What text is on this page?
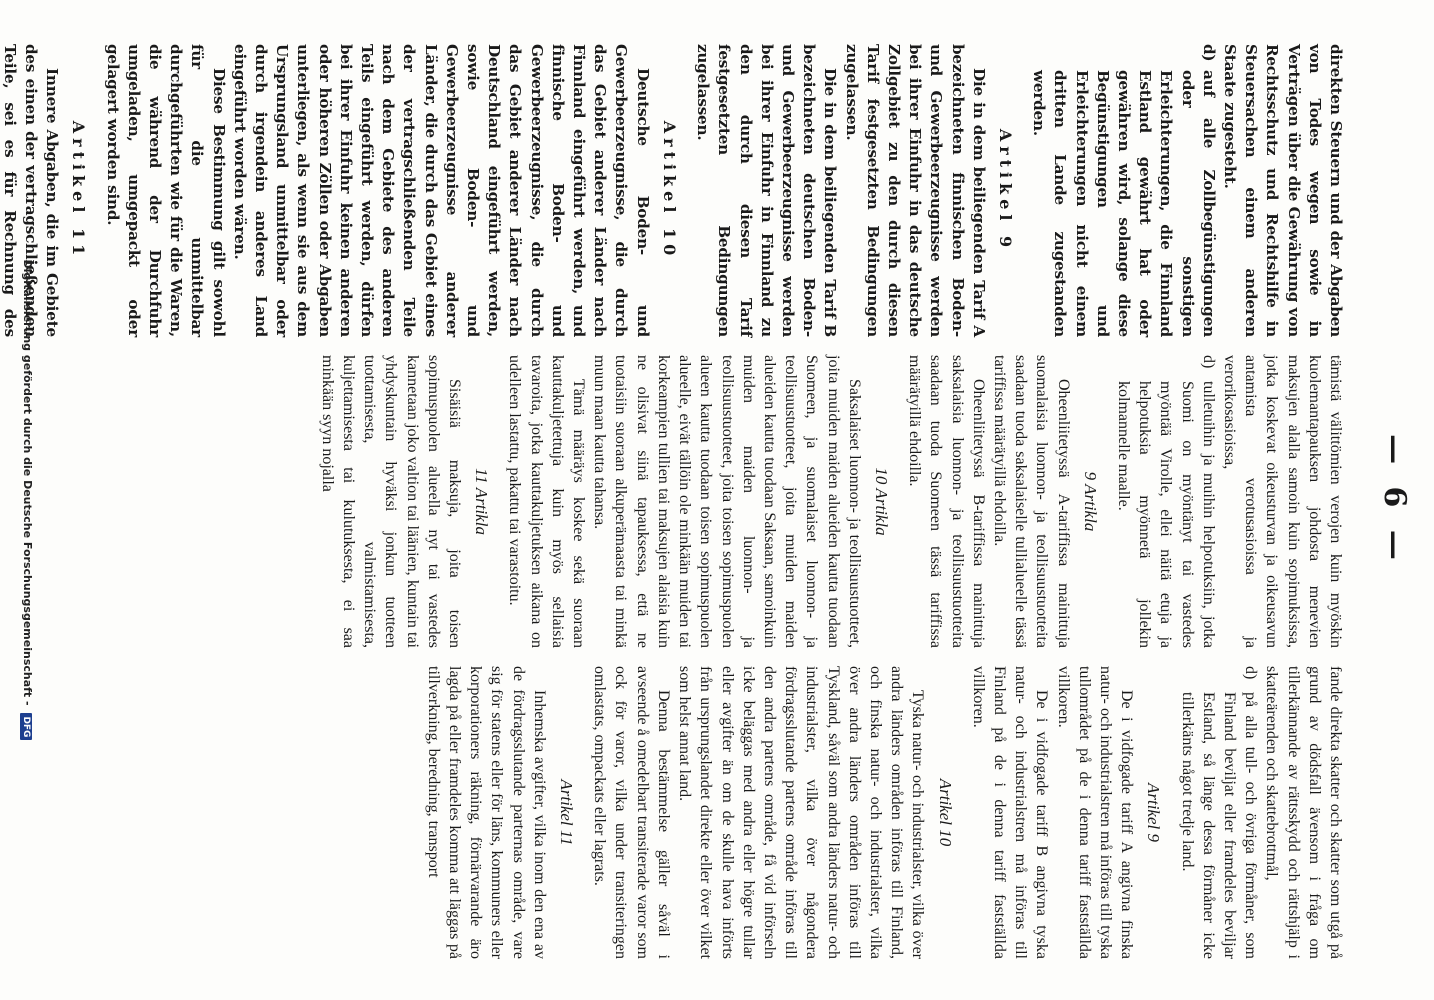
— 6 —

direkten Steuern und der Abgaben von Todes wegen sowie in Verträgen über die Gewährung von Rechtsschutz und Rechtshilfe in Steuersachen einem anderen Staate zugesteht.

d)
auf alle Zollbegünstigungen oder sonstigen Erleichterungen, die Finnland Estland gewährt hat oder gewähren wird, solange diese Begünstigungen und Erleichterungen nicht einem dritten Lande zugestanden werden.

Artikel 9

Die in dem beiliegenden Tarif A bezeichneten finnischen Boden- und Gewerbeerzeugnisse werden bei ihrer Einfuhr in das deutsche Zollgebiet zu den durch diesen Tarif festgesetzten Bedingungen zugelassen.

Die in dem beiliegenden Tarif B bezeichneten deutschen Boden- und Gewerbeerzeugnisse werden bei ihrer Einfuhr in Finnland zu den durch diesen Tarif festgesetzten Bedingungen zugelassen.

Artikel 10

Deutsche Boden- und Gewerbeerzeugnisse, die durch das Gebiet anderer Länder nach Finnland eingeführt werden, und finnische Boden- und Gewerbeerzeugnisse, die durch das Gebiet anderer Länder nach Deutschland eingeführt werden, sowie Boden- und Gewerbeerzeugnisse anderer Länder, die durch das Gebiet eines der vertragschließenden Teile nach dem Gebiete des anderen Teils eingeführt werden, dürfen bei ihrer Einfuhr keinen anderen oder höheren Zöllen oder Abgaben unterliegen, als wenn sie aus dem Ursprungsland unmittelbar oder durch irgendein anderes Land eingeführt worden wären.

Diese Bestimmung gilt sowohl für die unmittelbar durchgeführten wie für die Waren, die während der Durchfuhr umgeladen, umgepackt oder gelagert worden sind.

Artikel 11

Innere Abgaben, die im Gebiete des einen der vertragschließenden Teile, sei es für Rechnung des

tämistä välittömien verojen kuin myöskin kuolemantapauksen johdosta menevien maksujen alalla samoin kuin sopimuksissa, jotka koskevat oikeusturvan ja oikeusavun antamista verotusasioissa ja verorikosasioissa,

d)
tulletuihin ja muihin helpotuksiin, jotka Suomi on myöntänyt tai vastedes myöntää Virolle, ellei näitä etuja ja helpotuksia myönnetä jollekin kolmannelle maalle.

9 Artikla

Oheenliitetyssä A-tariffissa mainittuja suomalaisia luonnon- ja teollisuustuotteita saadaan tuoda saksalaiselle tullialueelle tässä tariffissa määrätyillä ehdoilla.

Oheenliitetyssä B-tariffissa mainittuja saksalaisia luonnon- ja teollisuustuotteita saadaan tuoda Suomeen tässä tariffissa määrätyillä ehdoilla.

10 Artikla

Saksalaiset luonnon- ja teollisuustuotteet, joita muiden maiden alueiden kautta tuodaan Suomeen, ja suomalaiset luonnon- ja teollisuustuotteet, joita muiden maiden alueiden kautta tuodaan Saksaan, samoinkuin muiden maiden luonnon- ja teollisuustuotteet, joita toisen sopimuspuolen alueen kautta tuodaan toisen sopimuspuolen alueelle, eivät tällöin ole minkään muiden tai korkeampien tullien tai maksujen alaisia kuin ne olisivat siinä tapauksessa, että ne tuotaisiin suoraan alkuperämaasta tai minkä muun maan kautta tahansa.

Tämä määräys koskee sekä suoraan kauttakuljetettuja kuin myös sellaisia tavaroita, jotka kauttakuljetuksen aikana on udelleen lastattu, pakattu tai varastoitu.

11 Artikla

Sisäisiä maksuja, joita toisen sopimuspuolen alueella nyt tai vastedes kannetaan joko valtion tai läänien, kuntain tai yhdyskuntain hyväksi jonkun tuotteen tuottamisesta, valmistamisesta, kuljettamisesta tai kulutuksesta, ei saa minkään syyn nojalla

fande direkta skatter och skatter som utgå på grund av dödsfall ävensom i fråga om tillerkännande av rättsskydd och rättshjälp i skatteärenden och skattebrottmål,

d)
på alla tull- och övriga förmåner, som Finland beviljat eller framdeles beviljar Estland, så länge dessa förmåner icke tillerkänts något tredje land.

Artikel 9

De i vidfogade tariff A angivna finska natur- och industrialstren må införas till tyska tullområdet på de i denna tariff fastställda villkoren.

De i vidfogade tariff B angivna tyska natur- och industrialstren må införas till Finland på de i denna tariff fastställda villkoren.

Artikel 10

Tyska natur- och industrialster, vilka över andra länders områden införas till Finland, och finska natur- och industrialster, vilka över andra länders områden införas till Tyskland, såväl som andra länders natur- och industrialster, vilka över någondera fördragsslutande partens område införas till den andra partens område, få vid införseln icke beläggas med andra eller högre tullar eller avgifter än om de skulle hava införts från ursprungslandet direkte eller över vilket som helst annat land.

Denna bestämmelse gäller såväl i avseende å omedelbart transiterade varor som ock för varor, vilka under transiteringen omlastats, ompackats eller lagrats.

Artikel 11

Inhemska avgifter, vilka inom den ena av de fördragsslutande parternas område, vare sig för statens eller för läns, kommuners eller korporationers räkning, förnärvarande äro lagda på eller framdeles komma att läggas på tillverkning, beredning, transport

Digitalisierung gefördert durch die Deutsche Forschungsgemeinschaft - DFG
